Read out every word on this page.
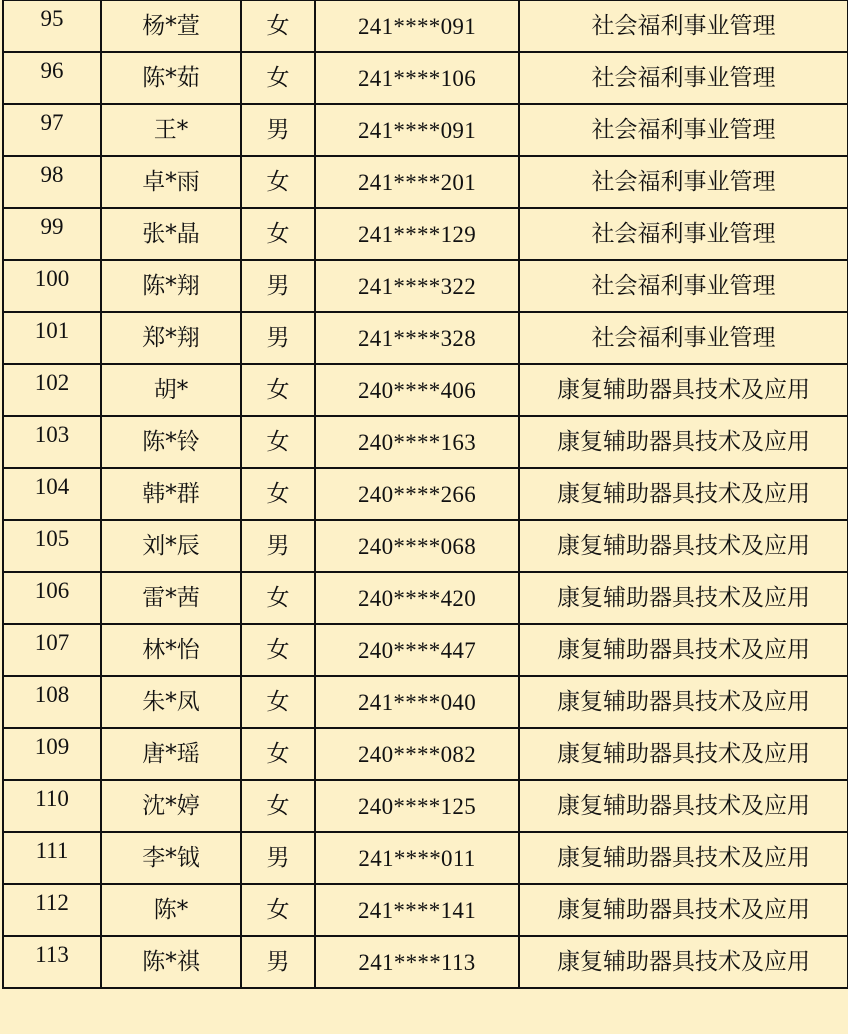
95	杨*萱	女	241****091	社会福利事业管理
96	陈*茹	女	241****106	社会福利事业管理
97	王*	男	241****091	社会福利事业管理
98	卓*雨	女	241****201	社会福利事业管理
99	张*晶	女	241****129	社会福利事业管理
100	陈*翔	男	241****322	社会福利事业管理
101	郑*翔	男	241****328	社会福利事业管理
102	胡*	女	240****406	康复辅助器具技术及应用
103	陈*铃	女	240****163	康复辅助器具技术及应用
104	韩*群	女	240****266	康复辅助器具技术及应用
105	刘*辰	男	240****068	康复辅助器具技术及应用
106	雷*茜	女	240****420	康复辅助器具技术及应用
107	林*怡	女	240****447	康复辅助器具技术及应用
108	朱*凤	女	241****040	康复辅助器具技术及应用
109	唐*瑶	女	240****082	康复辅助器具技术及应用
110	沈*婷	女	240****125	康复辅助器具技术及应用
111	李*钺	男	241****011	康复辅助器具技术及应用
112	陈*	女	241****141	康复辅助器具技术及应用
113	陈*祺	男	241****113	康复辅助器具技术及应用
